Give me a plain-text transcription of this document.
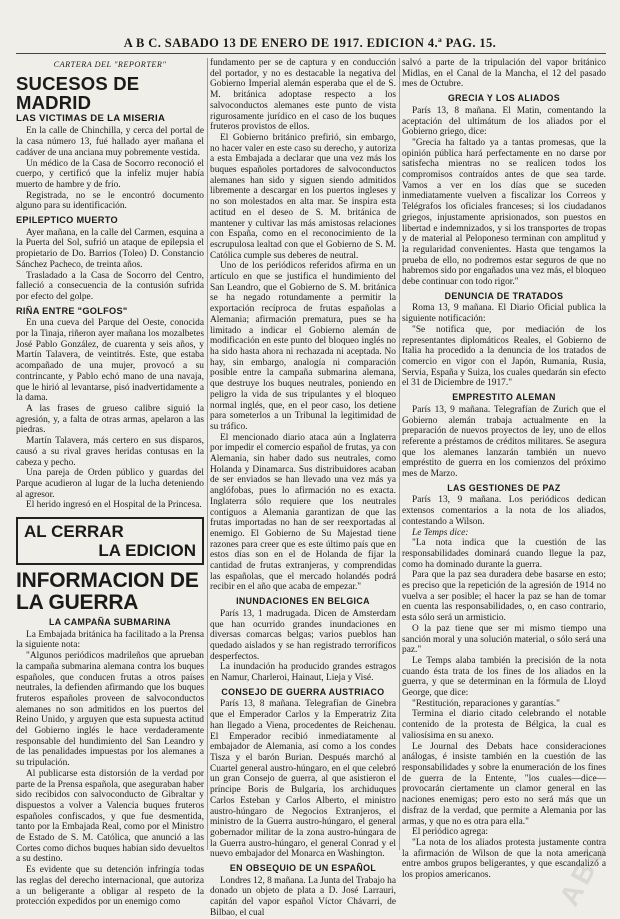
A B C. SABADO 13 DE ENERO DE 1917. EDICION 4.ª PAG. 15.
CARTERA DEL "REPORTER"
SUCESOS DE MADRID
LAS VICTIMAS DE LA MISERIA

En la calle de Chinchilla, y cerca del portal de la casa número 13, fué hallado ayer mañana el cadáver de una anciana muy pobremente vestida.

Un médico de la Casa de Socorro reconoció el cuerpo, y certificó que la infeliz mujer había muerto de hambre y de frío.

Registrada, no se le encontró documento alguno para su identificación.

EPILEPTICO MUERTO

Ayer mañana, en la calle del Carmen, esquina a la Puerta del Sol, sufrió un ataque de epilepsia el propietario de Do. Barrios (Toleo) D. Constancio Sánchez Pacheco, de treinta años.

Trasladado a la Casa de Socorro del Centro, falleció a consecuencia de la contusión sufrida por efecto del golpe.

RIÑA ENTRE "GOLFOS"

En una cueva del Parque del Oeste, conocida por la Tinaja, riñeron ayer mañana los mozalbetes José Pablo González, de cuarenta y seis años, y Martín Talavera, de veintitrés. Este, que estaba acompañado de una mujer, provocó a su contrincante, y Pablo echó mano de una navaja, que le hirió al levantarse, pisó inadvertidamente a la dama.

A las frases de grueso calibre siguió la agresión, y, a falta de otras armas, apelaron a las piedras.

Martín Talavera, más certero en sus disparos, causó a su rival graves heridas contusas en la cabeza y pecho.

Una pareja de Orden público y guardas del Parque acudieron al lugar de la lucha deteniendo al agresor.

El herido ingresó en el Hospital de la Princesa.

AL CERRAR
LA EDICION
INFORMACION DE LA GUERRA
LA CAMPAÑA SUBMARINA

La Embajada británica ha facilitado a la Prensa la siguiente nota:

"Algunos periódicos madrileños que aprueban la campaña submarina alemana contra los buques españoles, que conducen frutas a otros países neutrales, la defienden afirmando que los buques fruteros españoles proveen de salvoconductos alemanes no son admitidos en los puertos del Reino Unido, y arguyen que esta supuesta actitud del Gobierno inglés le hace verdaderamente responsable del hundimiento del San Leandro y de las penalidades impuestas por los alemanes a su tripulación.

Al publicarse esta distorsión de la verdad por parte de la Prensa española, que aseguraban haber sido recibidos con salvoconducto de Gibraltar y dispuestos a volver a Valencia buques fruteros españoles confiscados, y que fue desmentida, tanto por la Embajada Real, como por el Ministro de Estado de S. M. Católica, que anunció a las Cortes como dichos buques habían sido devueltos a su destino.

Es evidente que su detención infringía todas las reglas del derecho internacional, que autoriza a un beligerante a obligar al respeto de la protección expedidos por un enemigo como

fundamento per se de captura y en conducción del portador, y no es destacable la negativa del Gobierno Imperial alemán esperaba que el de S. M. británica adoptase respecto a los salvoconductos alemanes este punto de vista rigurosamente jurídico en el caso de los buques fruteros provistos de ellos.

El Gobierno británico prefirió, sin embargo, no hacer valer en este caso su derecho, y autoriza a esta Embajada a declarar que una vez más los buques españoles portadores de salvoconductos alemanes han sido y siguen siendo admitidos libremente a descargar en los puertos ingleses y no son molestados en alta mar. Se inspira esta actitud en el deseo de S. M. británica de mantener y cultivar las más amistosas relaciones con España, como en el reconocimiento de la escrupulosa lealtad con que el Gobierno de S. M. Católica cumple sus deberes de neutral.

Uno de los periódicos referidos afirma en un artículo en que se justifica el hundimiento del San Leandro, que el Gobierno de S. M. británica se ha negado rotundamente a permitir la exportación recíproca de frutas españolas a Alemania; afirmación prematura, pues se ha limitado a indicar el Gobierno alemán de modificación en este punto del bloqueo inglés no ha sido hasta ahora ni rechazada ni aceptada. No hay, sin embargo, analogía ni comparación posible entre la campaña submarina alemana, que destruye los buques neutrales, poniendo en peligro la vida de sus tripulantes y el bloqueo normal inglés, que, en el peor caso, los detiene para someterlos a un Tribunal la legitimidad de su tráfico.

El mencionado diario ataca aún a Inglaterra por impedir el comercio español de frutas, ya con Alemania, sin haber dado sus neutrales, como Holanda y Dinamarca. Sus distribuidores acaban de ser enviados se han llevado una vez más ya anglófobas, pues lo afirmación no es exacta. Inglaterra sólo requiere que los neutrales contiguos a Alemania garantizan de que las frutas importadas no han de ser reexportadas al enemigo. El Gobierno de Su Majestad tiene razones para creer que es este último país que en estos días son en el de Holanda de fijar la cantidad de frutas extranjeras, y comprendidas las españolas, que el mercado holandés podrá recibir en el año que acaba de empezar."

INUNDACIONES EN BELGICA

París 13, 1 madrugada. Dicen de Amsterdam que han ocurrido grandes inundaciones en diversas comarcas belgas; varios pueblos han quedado aislados y se han registrado terroríficos desperfectos.

La inundación ha producido grandes estragos en Namur, Charleroi, Hainaut, Lieja y Visé.

CONSEJO DE GUERRA AUSTRIACO

París 13, 8 mañana. Telegrafían de Ginebra que el Emperador Carlos y la Emperatriz Zita han llegado a Viena, procedentes de Reichenau. El Emperador recibió inmediatamente al embajador de Alemania, así como a los condes Tisza y el barón Burian. Después marchó al Cuartel general austro-húngaro, en el que celebró un gran Consejo de guerra, al que asistieron el príncipe Boris de Bulgaria, los archiduques Carlos Esteban y Carlos Alberto, el ministro austro-húngaro de Negocios Extranjeros, el ministro de la Guerra austro-húngaro, el general gobernador militar de la zona austro-húngara de la Guerra austro-húngaro, el general Conrad y el nuevo embajador del Monarca en Washington.

EN OBSEQUIO DE UN ESPAÑOL

Londres 12, 8 mañana. La Junta del Trabajo ha donado un objeto de plata a D. José Larrauri, capitán del vapor español Víctor Chávarri, de Bilbao, el cual

salvó a parte de la tripulación del vapor británico Midlas, en el Canal de la Mancha, el 12 del pasado mes de Octubre.

GRECIA Y LOS ALIADOS

París 13, 8 mañana. El Matin, comentando la aceptación del ultimátum de los aliados por el Gobierno griego, dice:

"Grecia ha faltado ya a tantas promesas, que la opinión pública hará perfectamente en no darse por satisfecha mientras no se realicen todos los compromisos contraídos antes de que sea tarde. Vamos a ver en los días que se suceden inmediatamente vuelven a fiscalizar los Correos y Telégrafos los oficiales franceses; si los ciudadanos griegos, injustamente aprisionados, son puestos en libertad e indemnizados, y si los transportes de tropas y de material al Peloponeso terminan con amplitud y la regularidad convenientes. Hasta que tengamos la prueba de ello, no podremos estar seguros de que no habremos sido por engañados una vez más, el bloqueo debe continuar con todo rigor."

DENUNCIA DE TRATADOS

Roma 13, 9 mañana. El Diario Oficial publica la siguiente notificación:

"Se notifica que, por mediación de los representantes diplomáticos Reales, el Gobierno de Italia ha procedido a la denuncia de los tratados de comercio en vigor con el Japón, Rumania, Rusia, Servia, España y Suiza, los cuales quedarán sin efecto el 31 de Diciembre de 1917."

EMPRESTITO ALEMAN

París 13, 9 mañana. Telegrafían de Zurich que el Gobierno alemán trabaja actualmente en la preparación de nuevos proyectos de ley, uno de ellos referente a préstamos de créditos militares. Se asegura que los alemanes lanzarán también un nuevo empréstito de guerra en los comienzos del próximo mes de Marzo.

LAS GESTIONES DE PAZ

París 13, 9 mañana. Los periódicos dedican extensos comentarios a la nota de los aliados, contestando a Wilson.

Le Temps dice:

"La nota indica que la cuestión de las responsabilidades dominará cuando llegue la paz, como ha dominado durante la guerra.

Para que la paz sea duradera debe basarse en esto; es preciso que la repetición de la agresión de 1914 no vuelva a ser posible; el hacer la paz se han de tomar en cuenta las responsabilidades, o, en caso contrario, esta sólo será un armisticio.

O la paz tiene que ser mi mismo tiempo una sanción moral y una solución material, o sólo será una paz."

Le Temps alaba también la precisión de la nota cuando ésta trata de los fines de los aliados en la guerra, y que se determinan en la fórmula de Lloyd George, que dice:

"Restitución, reparaciones y garantías."

Termina el diario citado celebrando el notable contenido de la protesta de Bélgica, la cual es valiosísima en su anexo.

Le Journal des Debats hace consideraciones análogas, é insiste también en la cuestión de las responsabilidades y sobre la enumeración de los fines de guerra de la Entente, "los cuales—dice—provocarán ciertamente un clamor general en las naciones enemigas; pero esto no será más que un disfraz de la verdad, que permite a Alemania por las armas, y que no es otra para ella."

El periódico agrega:

"La nota de los aliados protesta justamente contra la afirmación de Wilson de que la nota americana entre ambos grupos beligerantes, y que escandalizó a los propios americanos.	ABC
